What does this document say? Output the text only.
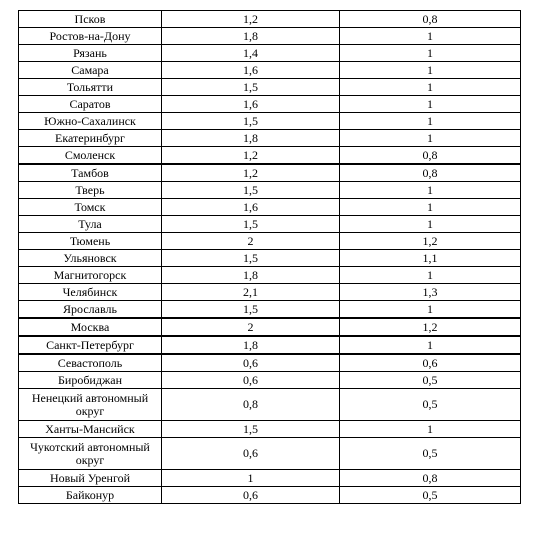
Псков	1,2	0,8
Ростов-на-Дону	1,8	1
Рязань	1,4	1
Самара	1,6	1
Тольятти	1,5	1
Саратов	1,6	1
Южно-Сахалинск	1,5	1
Екатеринбург	1,8	1
Смоленск	1,2	0,8
Тамбов	1,2	0,8
Тверь	1,5	1
Томск	1,6	1
Тула	1,5	1
Тюмень	2	1,2
Ульяновск	1,5	1,1
Магнитогорск	1,8	1
Челябинск	2,1	1,3
Ярославль	1,5	1
Москва	2	1,2
Санкт-Петербург	1,8	1
Севастополь	0,6	0,6
Биробиджан	0,6	0,5
Ненецкий автономный округ	0,8	0,5
Ханты-Мансийск	1,5	1
Чукотский автономный округ	0,6	0,5
Новый Уренгой	1	0,8
Байконур	0,6	0,5
